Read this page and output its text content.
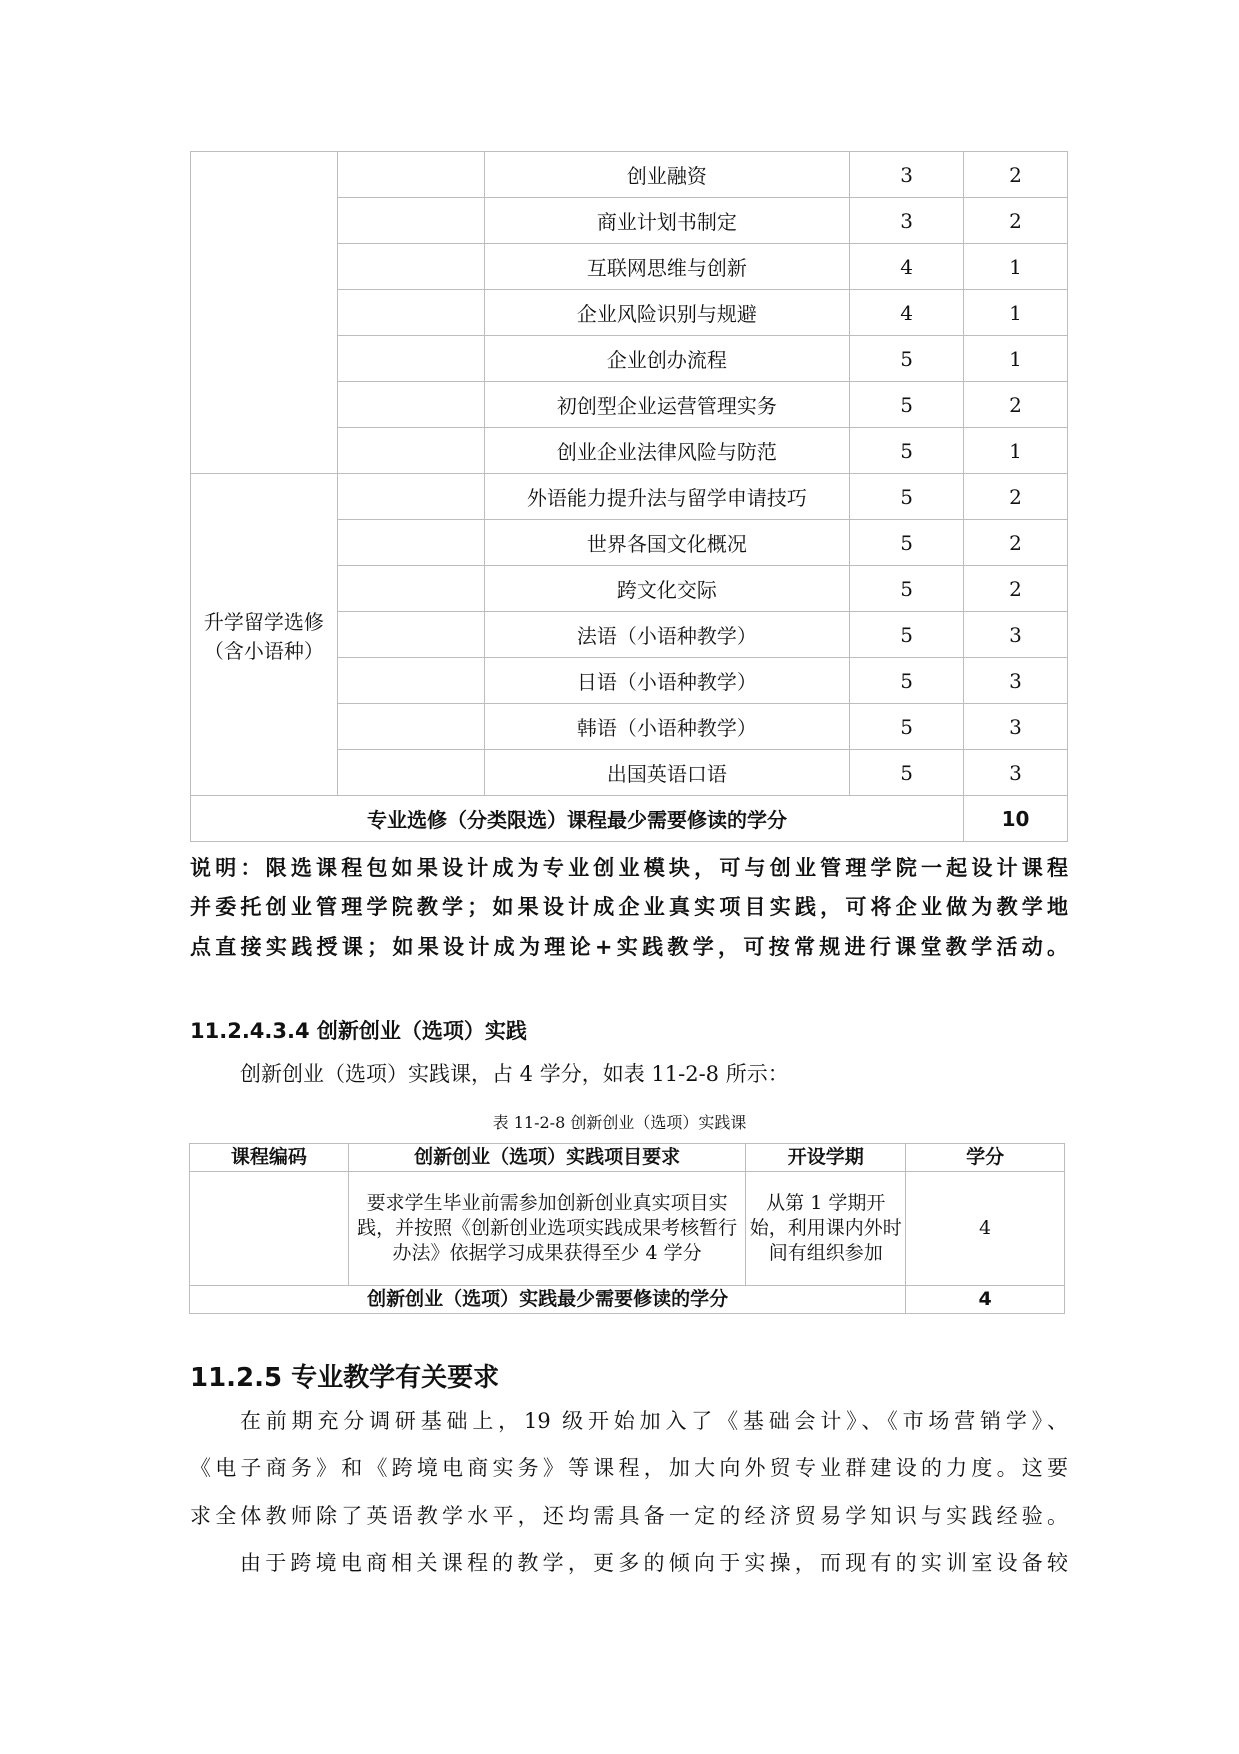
		创业融资	3	2
		商业计划书制定	3	2
		互联网思维与创新	4	1
		企业风险识别与规避	4	1
		企业创办流程	5	1
		初创型企业运营管理实务	5	2
		创业企业法律风险与防范	5	1

升学留学选修
（含小语种）		外语能力提升法与留学申请技巧	5	2
		世界各国文化概况	5	2
		跨文化交际	5	2
		法语（小语种教学）	5	3
		日语（小语种教学）	5	3
		韩语（小语种教学）	5	3
		出国英语口语	5	3
专业选修（分类限选）课程最少需要修读的学分				10
说明：限选课程包如果设计成为专业创业模块，可与创业管理学院一起设计课程
并委托创业管理学院教学；如果设计成企业真实项目实践，可将企业做为教学地
点直接实践授课；如果设计成为理论+实践教学，可按常规进行课堂教学活动。
11.2.4.3.4 创新创业（选项）实践
创新创业（选项）实践课，占 4 学分，如表 11-2-8 所示：
表 11-2-8 创新创业（选项）实践课
课程编码	创新创业（选项）实践项目要求	开设学期	学分
	要求学生毕业前需参加创新创业真实项目实践，并按照《创新创业选项实践成果考核暂行办法》依据学习成果获得至少 4 学分	从第 1 学期开始，利用课内外时间有组织参加	4
创新创业（选项）实践最少需要修读的学分			4
11.2.5 专业教学有关要求
在前期充分调研基础上，19 级开始加入了《基础会计》、《市场营销学》、
《电子商务》和《跨境电商实务》等课程，加大向外贸专业群建设的力度。这要
求全体教师除了英语教学水平，还均需具备一定的经济贸易学知识与实践经验。
由于跨境电商相关课程的教学，更多的倾向于实操，而现有的实训室设备较
